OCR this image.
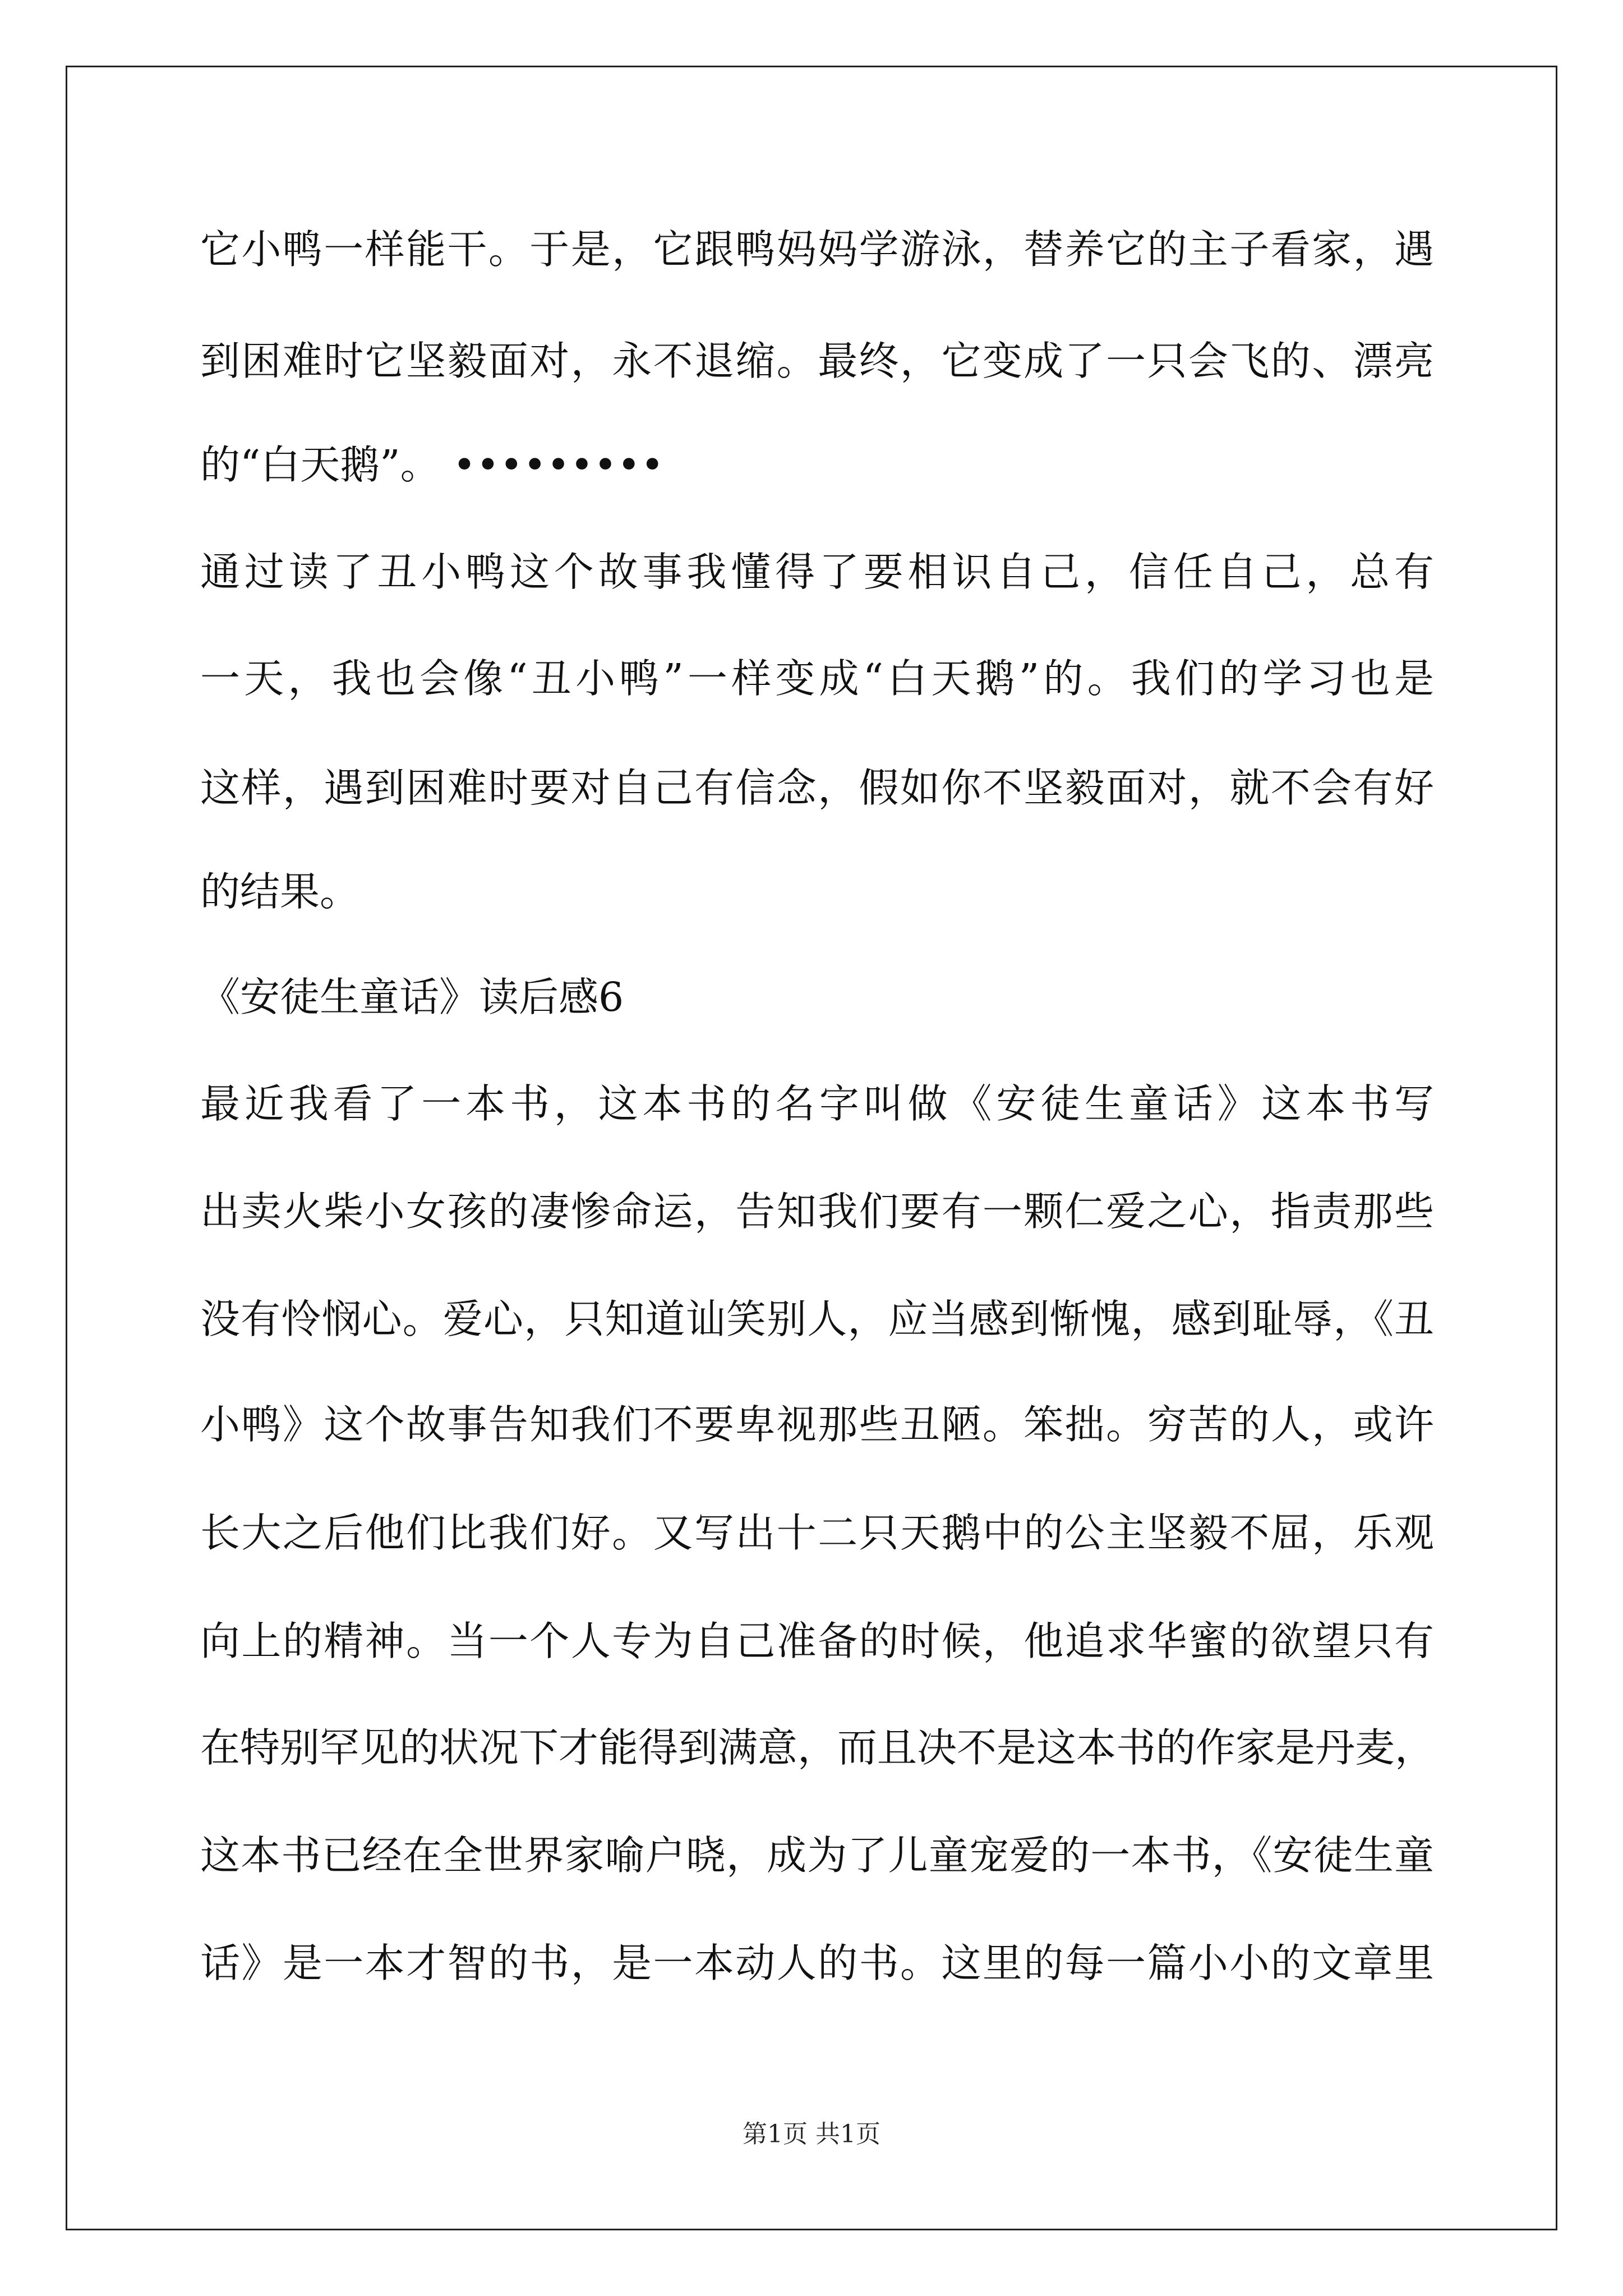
它小鸭一样能干。于是，它跟鸭妈妈学游泳，替养它的主子看家，遇
到困难时它坚毅面对，永不退缩。最终，它变成了一只会飞的、漂亮
的“白天鹅”。 •••••••••
通过读了丑小鸭这个故事我懂得了要相识自己，信任自己，总有
一天，我也会像“丑小鸭”一样变成“白天鹅”的。我们的学习也是
这样，遇到困难时要对自己有信念，假如你不坚毅面对，就不会有好
的结果。
《安徒生童话》读后感6
最近我看了一本书，这本书的名字叫做《安徒生童话》这本书写
出卖火柴小女孩的凄惨命运，告知我们要有一颗仁爱之心，指责那些
没有怜悯心。爱心，只知道讪笑别人，应当感到惭愧，感到耻辱，《丑
小鸭》这个故事告知我们不要卑视那些丑陋。笨拙。穷苦的人，或许
长大之后他们比我们好。又写出十二只天鹅中的公主坚毅不屈，乐观
向上的精神。当一个人专为自己准备的时候，他追求华蜜的欲望只有
在特别罕见的状况下才能得到满意，而且决不是这本书的作家是丹麦，
这本书已经在全世界家喻户晓，成为了儿童宠爱的一本书，《安徒生童
话》是一本才智的书，是一本动人的书。这里的每一篇小小的文章里
第1页 共1页
